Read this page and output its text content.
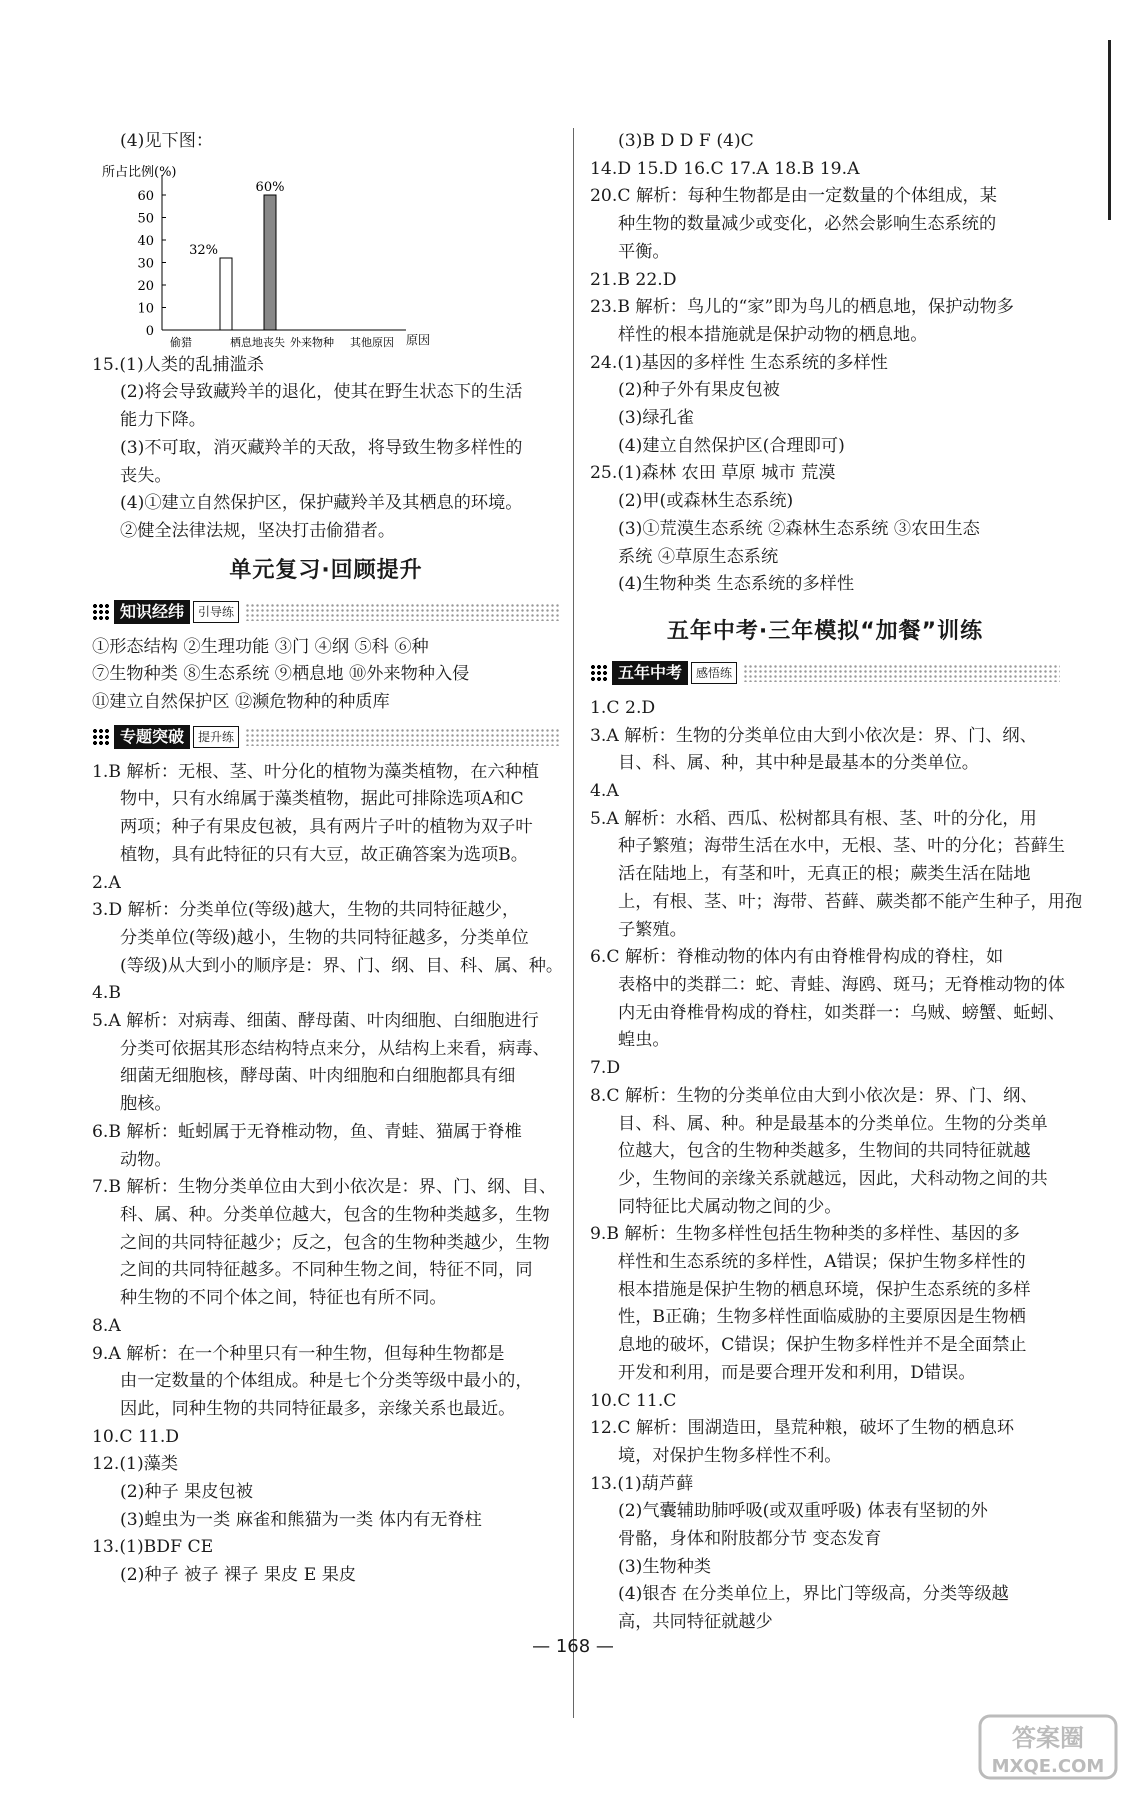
(4)见下图：
所占比例(%)
原因
0
10
20
30
40
50
60
偷猎	栖息地丧失
32%
外来物种
60%
其他原因
15.(1)人类的乱捕滥杀
(2)将会导致藏羚羊的退化，使其在野生状态下的生活
能力下降。
(3)不可取，消灭藏羚羊的天敌，将导致生物多样性的
丧失。
(4)①建立自然保护区，保护藏羚羊及其栖息的环境。
②健全法律法规，坚决打击偷猎者。
单元复习·回顾提升
知识经纬	引导练
①形态结构 ②生理功能 ③门 ④纲 ⑤科 ⑥种
⑦生物种类 ⑧生态系统 ⑨栖息地 ⑩外来物种入侵
⑪建立自然保护区 ⑫濒危物种的种质库
专题突破	提升练
1.B 解析：无根、茎、叶分化的植物为藻类植物，在六种植
物中，只有水绵属于藻类植物，据此可排除选项A和C
两项；种子有果皮包被，具有两片子叶的植物为双子叶
植物，具有此特征的只有大豆，故正确答案为选项B。
2.A
3.D 解析：分类单位(等级)越大，生物的共同特征越少，
分类单位(等级)越小，生物的共同特征越多，分类单位
(等级)从大到小的顺序是：界、门、纲、目、科、属、种。
4.B
5.A 解析：对病毒、细菌、酵母菌、叶肉细胞、白细胞进行
分类可依据其形态结构特点来分，从结构上来看，病毒、
细菌无细胞核，酵母菌、叶肉细胞和白细胞都具有细
胞核。
6.B 解析：蚯蚓属于无脊椎动物，鱼、青蛙、猫属于脊椎
动物。
7.B 解析：生物分类单位由大到小依次是：界、门、纲、目、
科、属、种。分类单位越大，包含的生物种类越多，生物
之间的共同特征越少；反之，包含的生物种类越少，生物
之间的共同特征越多。不同种生物之间，特征不同，同
种生物的不同个体之间，特征也有所不同。
8.A
9.A 解析：在一个种里只有一种生物，但每种生物都是
由一定数量的个体组成。种是七个分类等级中最小的，
因此，同种生物的共同特征最多，亲缘关系也最近。
10.C 11.D
12.(1)藻类
(2)种子 果皮包被
(3)蝗虫为一类 麻雀和熊猫为一类 体内有无脊柱
13.(1)BDF CE
(2)种子 被子 裸子 果皮 E 果皮
(3)B D D F (4)C
14.D 15.D 16.C 17.A 18.B 19.A
20.C 解析：每种生物都是由一定数量的个体组成，某
种生物的数量减少或变化，必然会影响生态系统的
平衡。
21.B 22.D
23.B 解析：鸟儿的“家”即为鸟儿的栖息地，保护动物多
样性的根本措施就是保护动物的栖息地。
24.(1)基因的多样性 生态系统的多样性
(2)种子外有果皮包被
(3)绿孔雀
(4)建立自然保护区(合理即可)
25.(1)森林 农田 草原 城市 荒漠
(2)甲(或森林生态系统)
(3)①荒漠生态系统 ②森林生态系统 ③农田生态
系统 ④草原生态系统
(4)生物种类 生态系统的多样性
五年中考·三年模拟“加餐”训练
五年中考	感悟练
1.C 2.D
3.A 解析：生物的分类单位由大到小依次是：界、门、纲、
目、科、属、种，其中种是最基本的分类单位。
4.A
5.A 解析：水稻、西瓜、松树都具有根、茎、叶的分化，用
种子繁殖；海带生活在水中，无根、茎、叶的分化；苔藓生
活在陆地上，有茎和叶，无真正的根；蕨类生活在陆地
上，有根、茎、叶；海带、苔藓、蕨类都不能产生种子，用孢
子繁殖。
6.C 解析：脊椎动物的体内有由脊椎骨构成的脊柱，如
表格中的类群二：蛇、青蛙、海鸥、斑马；无脊椎动物的体
内无由脊椎骨构成的脊柱，如类群一：乌贼、螃蟹、蚯蚓、
蝗虫。
7.D
8.C 解析：生物的分类单位由大到小依次是：界、门、纲、
目、科、属、种。种是最基本的分类单位。生物的分类单
位越大，包含的生物种类越多，生物间的共同特征就越
少，生物间的亲缘关系就越远，因此，犬科动物之间的共
同特征比犬属动物之间的少。
9.B 解析：生物多样性包括生物种类的多样性、基因的多
样性和生态系统的多样性，A错误；保护生物多样性的
根本措施是保护生物的栖息环境，保护生态系统的多样
性，B正确；生物多样性面临威胁的主要原因是生物栖
息地的破坏，C错误；保护生物多样性并不是全面禁止
开发和利用，而是要合理开发和利用，D错误。
10.C 11.C
12.C 解析：围湖造田，垦荒种粮，破坏了生物的栖息环
境，对保护生物多样性不利。
13.(1)葫芦藓
(2)气囊辅助肺呼吸(或双重呼吸) 体表有坚韧的外
骨骼，身体和附肢都分节 变态发育
(3)生物种类
(4)银杏 在分类单位上，界比门等级高，分类等级越
高，共同特征就越少
— 168 —
答案圈
MXQE.COM
